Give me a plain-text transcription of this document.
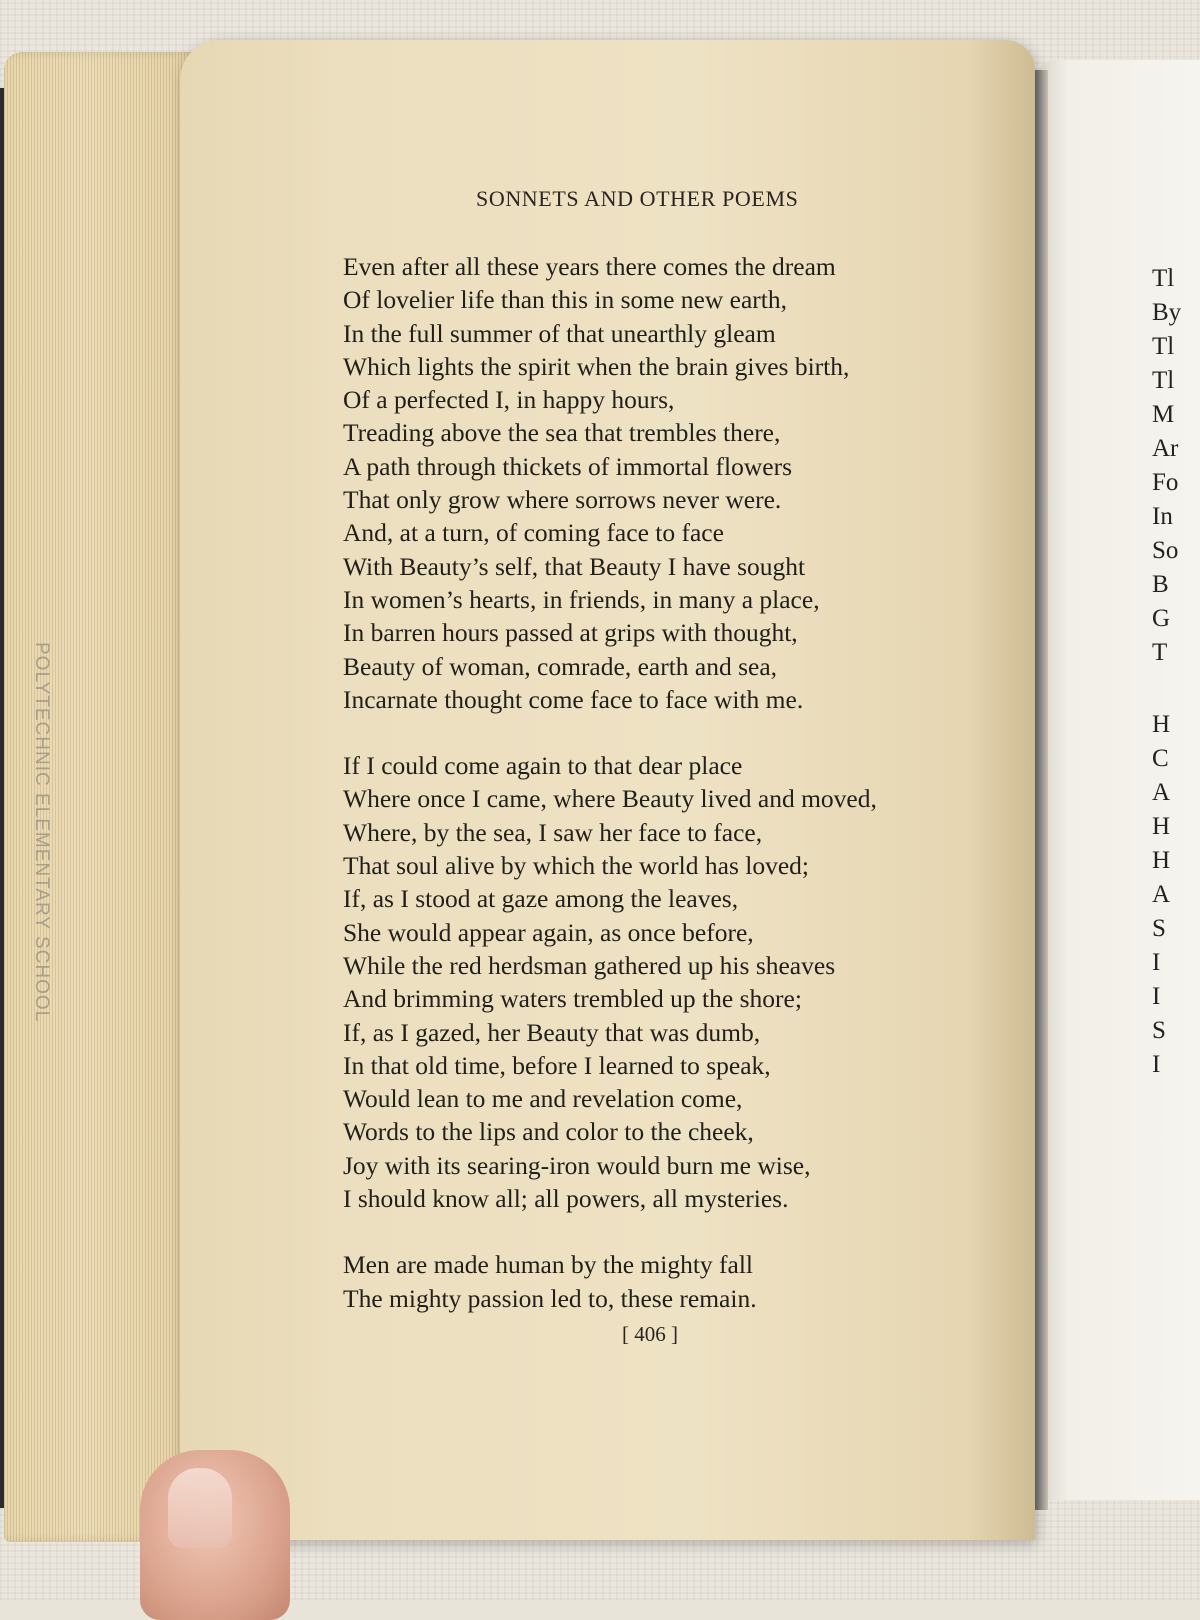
POLYTECHNIC ELEMENTARY SCHOOL
Tl
By
Tl
Tl
M
Ar
Fo
In
So
B
G
T
H
C
A
H
H
A
S
I
I
S
I
SONNETS AND OTHER POEMS
Even after all these years there comes the dream
Of lovelier life than this in some new earth,
In the full summer of that unearthly gleam
Which lights the spirit when the brain gives birth,
Of a perfected I, in happy hours,
Treading above the sea that trembles there,
A path through thickets of immortal flowers
That only grow where sorrows never were.
And, at a turn, of coming face to face
With Beauty’s self, that Beauty I have sought
In women’s hearts, in friends, in many a place,
In barren hours passed at grips with thought,
Beauty of woman, comrade, earth and sea,
Incarnate thought come face to face with me.
If I could come again to that dear place
Where once I came, where Beauty lived and moved,
Where, by the sea, I saw her face to face,
That soul alive by which the world has loved;
If, as I stood at gaze among the leaves,
She would appear again, as once before,
While the red herdsman gathered up his sheaves
And brimming waters trembled up the shore;
If, as I gazed, her Beauty that was dumb,
In that old time, before I learned to speak,
Would lean to me and revelation come,
Words to the lips and color to the cheek,
Joy with its searing-iron would burn me wise,
I should know all; all powers, all mysteries.
Men are made human by the mighty fall
The mighty passion led to, these remain.
[ 406 ]
